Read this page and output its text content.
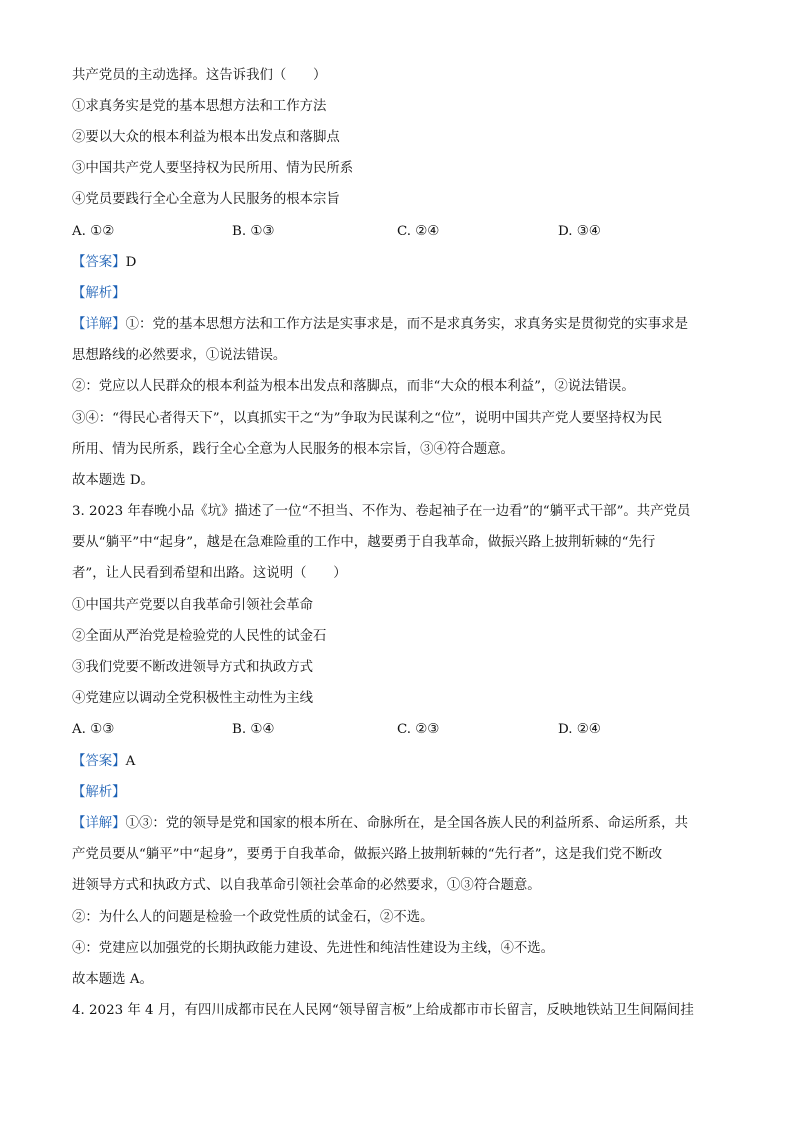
共产党员的主动选择。这告诉我们（　　）
①求真务实是党的基本思想方法和工作方法
②要以大众的根本利益为根本出发点和落脚点
③中国共产党人要坚持权为民所用、情为民所系
④党员要践行全心全意为人民服务的根本宗旨
A. ①②	B. ①③	C. ②④	D. ③④
【答案】D
【解析】
【详解】①：党的基本思想方法和工作方法是实事求是，而不是求真务实，求真务实是贯彻党的实事求是
思想路线的必然要求，①说法错误。
②：党应以人民群众的根本利益为根本出发点和落脚点，而非“大众的根本利益”，②说法错误。
③④：“得民心者得天下”，以真抓实干之“为”争取为民谋利之“位”，说明中国共产党人要坚持权为民
所用、情为民所系，践行全心全意为人民服务的根本宗旨，③④符合题意。
故本题选 D。
3. 2023 年春晚小品《坑》描述了一位“不担当、不作为、卷起袖子在一边看”的“躺平式干部”。共产党员
要从“躺平”中“起身”，越是在急难险重的工作中，越要勇于自我革命，做振兴路上披荆斩棘的“先行
者”，让人民看到希望和出路。这说明（　　）
①中国共产党要以自我革命引领社会革命
②全面从严治党是检验党的人民性的试金石
③我们党要不断改进领导方式和执政方式
④党建应以调动全党积极性主动性为主线
A. ①③	B. ①④	C. ②③	D. ②④
【答案】A
【解析】
【详解】①③：党的领导是党和国家的根本所在、命脉所在，是全国各族人民的利益所系、命运所系，共
产党员要从“躺平”中“起身”，要勇于自我革命，做振兴路上披荆斩棘的“先行者”，这是我们党不断改
进领导方式和执政方式、以自我革命引领社会革命的必然要求，①③符合题意。
②：为什么人的问题是检验一个政党性质的试金石，②不选。
④：党建应以加强党的长期执政能力建设、先进性和纯洁性建设为主线，④不选。
故本题选 A。
4. 2023 年 4 月，有四川成都市民在人民网“领导留言板”上给成都市市长留言，反映地铁站卫生间隔间挂
